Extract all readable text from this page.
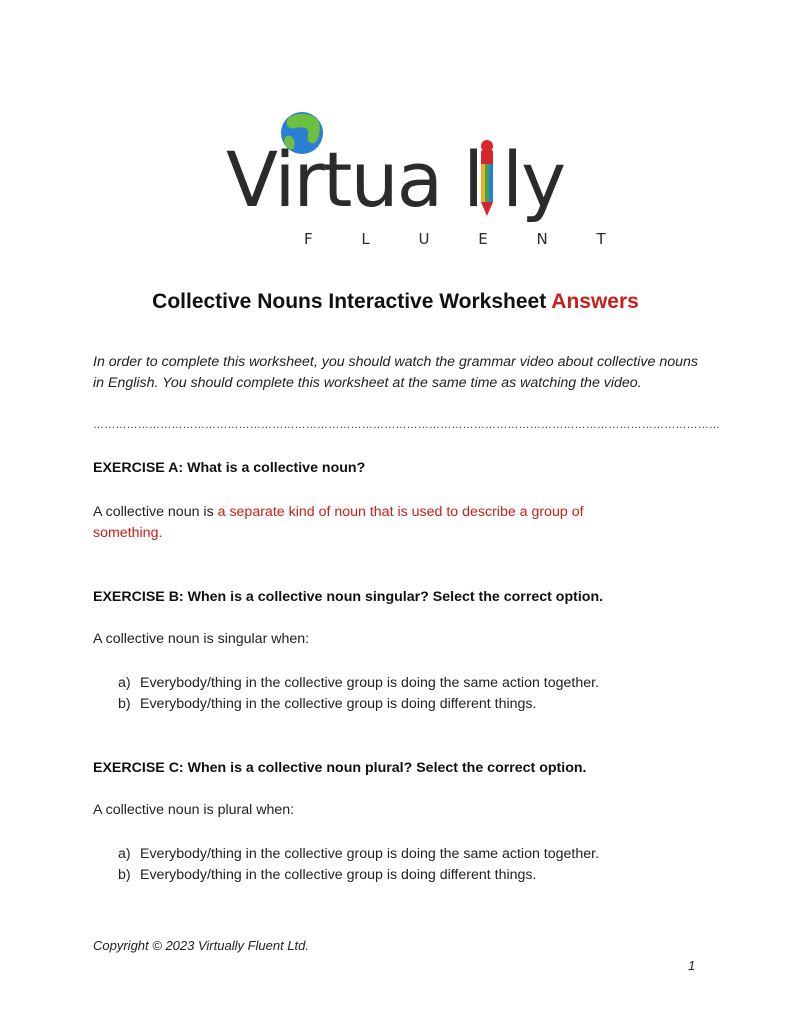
Virtua l ly
F L U E N T
Collective Nouns Interactive Worksheet Answers
In order to complete this worksheet, you should watch the grammar video about collective nouns in English. You should complete this worksheet at the same time as watching the video.
……………………………………………………………………………………………………………………………………………………
EXERCISE A: What is a collective noun?
A collective noun is a separate kind of noun that is used to describe a group of something.
EXERCISE B: When is a collective noun singular? Select the correct option.
A collective noun is singular when:
a) Everybody/thing in the collective group is doing the same action together.
b) Everybody/thing in the collective group is doing different things.
EXERCISE C: When is a collective noun plural? Select the correct option.
A collective noun is plural when:
a) Everybody/thing in the collective group is doing the same action together.
b) Everybody/thing in the collective group is doing different things.
Copyright © 2023 Virtually Fluent Ltd.
1
